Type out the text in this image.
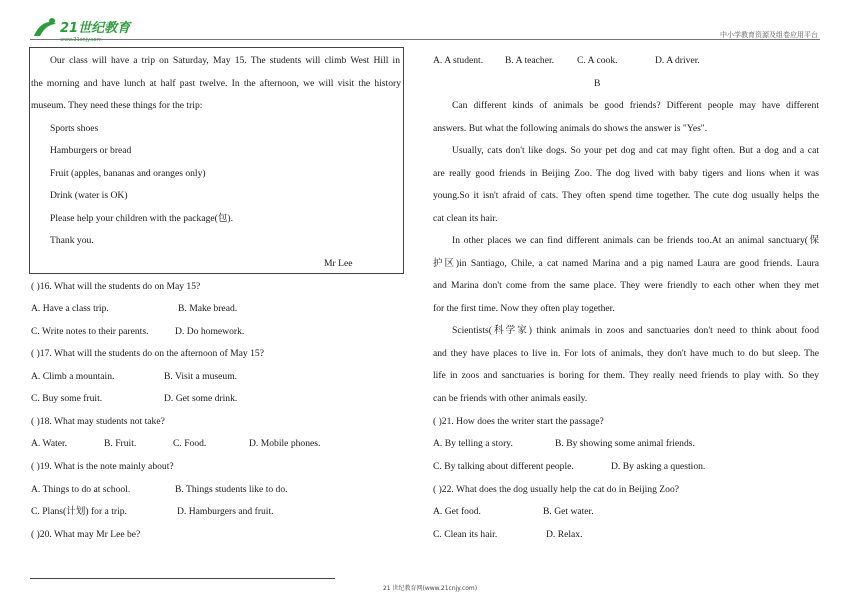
21世纪教育
www.21cnjy.com
中小学教育资源及组卷应用平台
Our class will have a trip on Saturday, May 15. The students will climb West Hill in
the morning and have lunch at half past twelve. In the afternoon, we will visit the history
museum. They need these things for the trip:
Sports shoes
Hamburgers or bread
Fruit (apples, bananas and oranges only)
Drink (water is OK)
Please help your children with the package(包).
Thank you.
Mr Lee
( )16. What will the students do on May 15?
A. Have a class trip.	B. Make bread.
C. Write notes to their parents.	D. Do homework.
( )17. What will the students do on the afternoon of May 15?
A. Climb a mountain.	B. Visit a museum.
C. Buy some fruit.	D. Get some drink.
( )18. What may students not take?
A. Water.	B. Fruit.	C. Food.	D. Mobile phones.
( )19. What is the note mainly about?
A. Things to do at school.	B. Things students like to do.
C. Plans(计划) for a trip.	D. Hamburgers and fruit.
( )20. What may Mr Lee be?
A. A student. B. A teacher. C. A cook.	D. A driver.
B
Can different kinds of animals be good friends? Different people may have different
answers. But what the following animals do shows the answer is "Yes".
Usually, cats don't like dogs. So your pet dog and cat may fight often. But a dog and a cat
are really good friends in Beijing Zoo. The dog lived with baby tigers and lions when it was
young.So it isn't afraid of cats. They often spend time together. The cute dog usually helps the
cat clean its hair.
In other places we can find different animals can be friends too.At an animal sanctuary(保
护区)in Santiago, Chile, a cat named Marina and a pig named Laura are good friends. Laura
and Marina don't come from the same place. They were friendly to each other when they met
for the first time. Now they often play together.
Scientists(科学家) think animals in zoos and sanctuaries don't need to think about food
and they have places to live in. For lots of animals, they don't have much to do but sleep. The
life in zoos and sanctuaries is boring for them. They really need friends to play with. So they
can be friends with other animals easily.
( )21. How does the writer start the passage?
A. By telling a story.	B. By showing some animal friends.
C. By talking about different people.	D. By asking a question.
( )22. What does the dog usually help the cat do in Beijing Zoo?
A. Get food.	B. Get water.
C. Clean its hair.	D. Relax.
21 世纪教育网(www.21cnjy.com)
